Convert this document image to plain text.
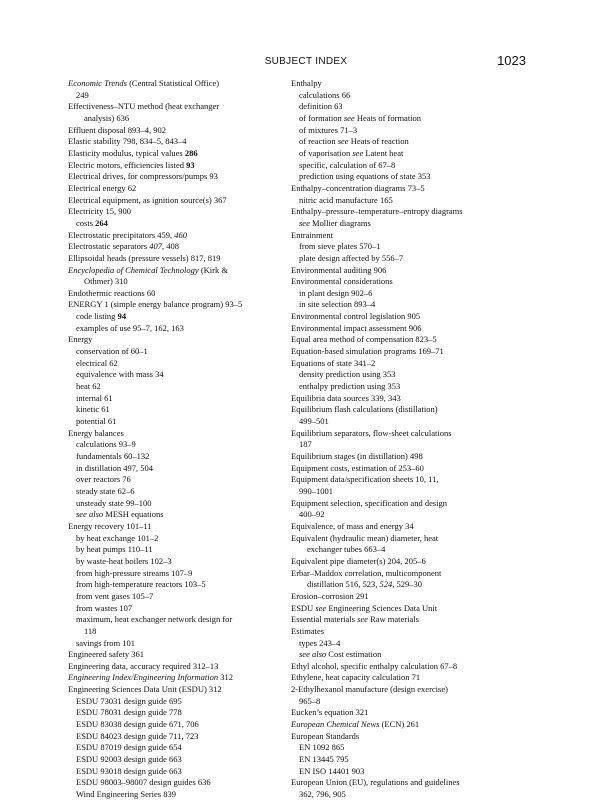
SUBJECT INDEX	1023
Economic Trends (Central Statistical Office)
249
Effectiveness–NTU method (heat exchanger
analysis) 636
Effluent disposal 893–4, 902
Elastic stability 798, 834–5, 843–4
Elasticity modulus, typical values 286
Electric motors, efficiencies listed 93
Electrical drives, for compressors/pumps 93
Electrical energy 62
Electrical equipment, as ignition source(s) 367
Electricity 15, 900
costs 264
Electrostatic precipitators 459, 460
Electrostatic separators 407, 408
Ellipsoidal heads (pressure vessels) 817, 819
Encyclopedia of Chemical Technology (Kirk &
Othmer) 310
Endothermic reactions 60
ENERGY 1 (simple energy balance program) 93–5
code listing 94
examples of use 95–7, 162, 163
Energy
conservation of 60–1
electrical 62
equivalence with mass 34
heat 62
internal 61
kinetic 61
potential 61
Energy balances
calculations 93–9
fundamentals 60–132
in distillation 497, 504
over reactors 76
steady state 62–6
unsteady state 99–100
see also MESH equations
Energy recovery 101–11
by heat exchange 101–2
by heat pumps 110–11
by waste-heat boilers 102–3
from high-pressure streams 107–9
from high-temperature reactors 103–5
from vent gases 105–7
from wastes 107
maximum, heat exchanger network design for
118
savings from 101
Engineered safety 361
Engineering data, accuracy required 312–13
Engineering Index/Engineering Information 312
Engineering Sciences Data Unit (ESDU) 312
ESDU 73031 design guide 695
ESDU 78031 design guide 778
ESDU 83038 design guide 671, 706
ESDU 84023 design guide 711, 723
ESDU 87019 design guide 654
ESDU 92003 design guide 663
ESDU 93018 design guide 663
ESDU 98003–98007 design guides 636
Wind Engineering Series 839
Enthalpy
calculations 66
definition 63
of formation see Heats of formation
of mixtures 71–3
of reaction see Heats of reaction
of vaporisation see Latent heat
specific, calculation of 67–8
prediction using equations of state 353
Enthalpy–concentration diagrams 73–5
nitric acid manufacture 165
Enthalpy–pressure–temperature–entropy diagrams
see Mollier diagrams
Entrainment
from sieve plates 570–1
plate design affected by 556–7
Environmental auditing 906
Environmental considerations
in plant design 902–6
in site selection 893–4
Environmental control legislation 905
Environmental impact assessment 906
Equal area method of compensation 823–5
Equation-based simulation programs 169–71
Equations of state 341–2
density prediction using 353
enthalpy prediction using 353
Equilibria data sources 339, 343
Equilibrium flash calculations (distillation)
499–501
Equilibrium separators, flow-sheet calculations
187
Equilibrium stages (in distillation) 498
Equipment costs, estimation of 253–60
Equipment data/specification sheets 10, 11,
990–1001
Equipment selection, specification and design
400–92
Equivalence, of mass and energy 34
Equivalent (hydraulic mean) diameter, heat
exchanger tubes 663–4
Equivalent pipe diameter(s) 204, 205–6
Erbar–Maddox correlation, multicomponent
distillation 516, 523, 524, 529–30
Erosion–corrosion 291
ESDU see Engineering Sciences Data Unit
Essential materials see Raw materials
Estimates
types 243–4
see also Cost estimation
Ethyl alcohol, specific enthalpy calculation 67–8
Ethylene, heat capacity calculation 71
2-Ethylhexanol manufacture (design exercise)
965–8
Eucken’s equation 321
European Chemical News (ECN) 261
European Standards
EN 1092 865
EN 13445 795
EN ISO 14401 903
European Union (EU), regulations and guidelines
362, 796, 905
